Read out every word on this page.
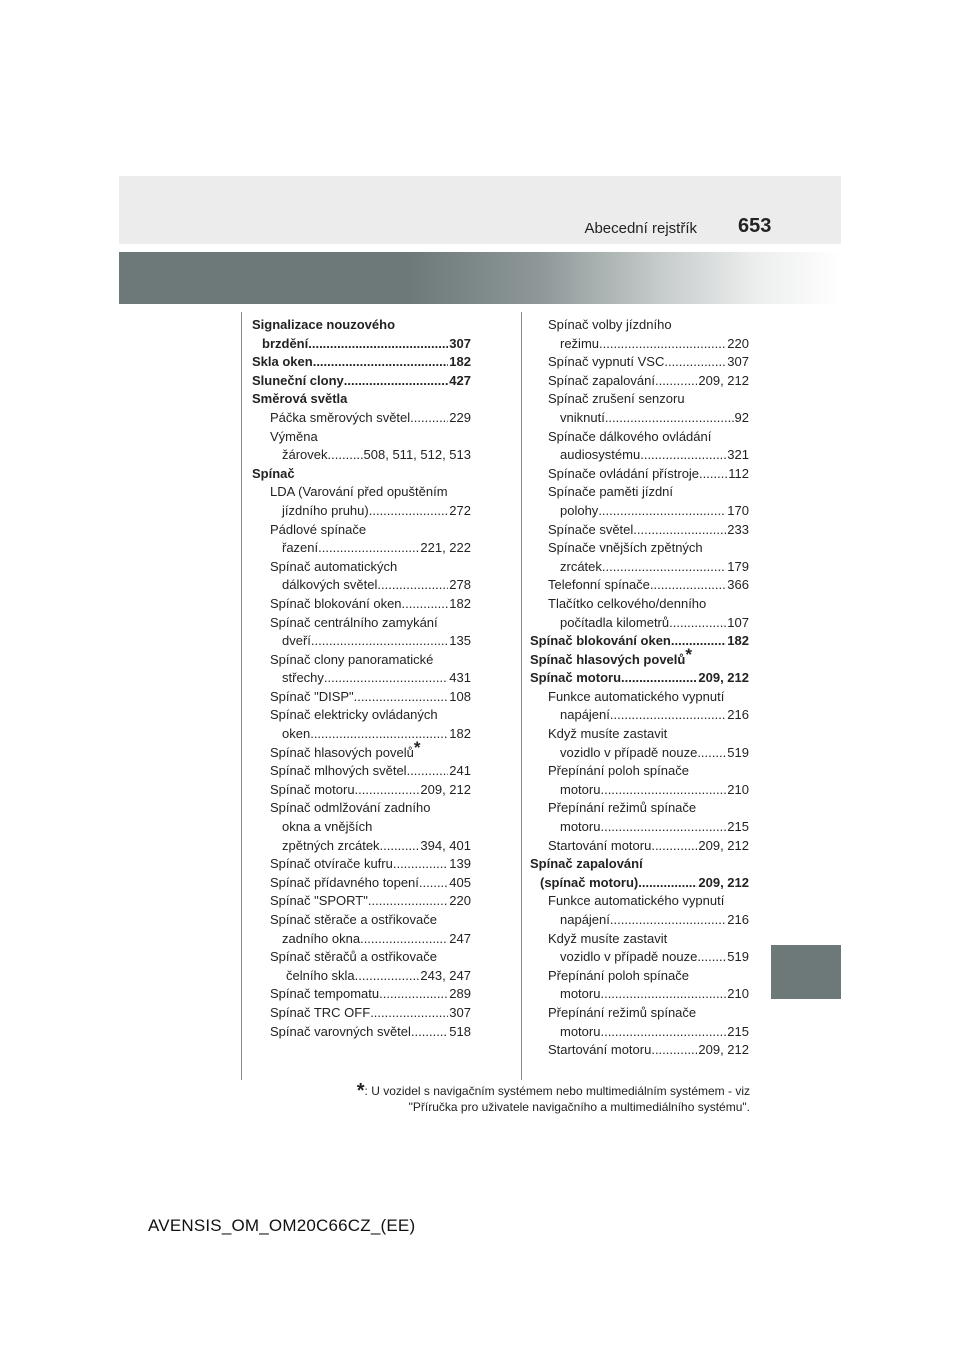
Abecední rejstřík 653
Signalizace nouzového
brzdění .....	307
Skla oken .....	182
Sluneční clony .....	427
Směrová světla
Páčka směrových světel .....	229
Výměna
žárovek .....	508, 511, 512, 513
Spínač
LDA (Varování před opuštěním
jízdního pruhu) .....	272
Pádlové spínače
řazení .....	221, 222
Spínač automatických
dálkových světel .....	278
Spínač blokování oken .....	182
Spínač centrálního zamykání
dveří .....	135
Spínač clony panoramatické
střechy .....	431
Spínač "DISP" .....	108
Spínač elektricky ovládaných
oken .....	182
Spínač hlasových povelů*
Spínač mlhových světel .....	241
Spínač motoru .....	209, 212
Spínač odmlžování zadního
okna a vnějších
zpětných zrcátek .....	394, 401
Spínač otvírače kufru .....	139
Spínač přídavného topení ..... 405
Spínač "SPORT" .....	220
Spínač stěrače a ostřikovače
zadního okna .....	247
Spínač stěračů a ostřikovače
čelního skla .....	243, 247
Spínač tempomatu .....	289
Spínač TRC OFF .....	307
Spínač varovných světel .....	518
Spínač volby jízdního
režimu .....	220
Spínač vypnutí VSC .....	307
Spínač zapalování .....	209, 212
Spínač zrušení senzoru
vniknutí .....	92
Spínače dálkového ovládání
audiosystému .....	321
Spínače ovládání přístroje ..... 112
Spínače paměti jízdní
polohy .....	170
Spínače světel .....	233
Spínače vnějších zpětných
zrcátek .....	179
Telefonní spínače .....	366
Tlačítko celkového/denního
počítadla kilometrů .....	107
Spínač blokování oken .....	182
Spínač hlasových povelů*
Spínač motoru .....	209, 212
Funkce automatického vypnutí
napájení .....	216
Když musíte zastavit
vozidlo v případě nouze ..... 519
Přepínání poloh spínače
motoru .....	210
Přepínání režimů spínače
motoru .....	215
Startování motoru .....	209, 212
Spínač zapalování
(spínač motoru) .....	209, 212
Funkce automatického vypnutí
napájení .....	216
Když musíte zastavit
vozidlo v případě nouze ..... 519
Přepínání poloh spínače
motoru .....	210
Přepínání režimů spínače
motoru .....	215
Startování motoru .....	209, 212
*: U vozidel s navigačním systémem nebo multimediálním systémem - viz
"Příručka pro uživatele navigačního a multimediálního systému".
AVENSIS_OM_OM20C66CZ_(EE)
